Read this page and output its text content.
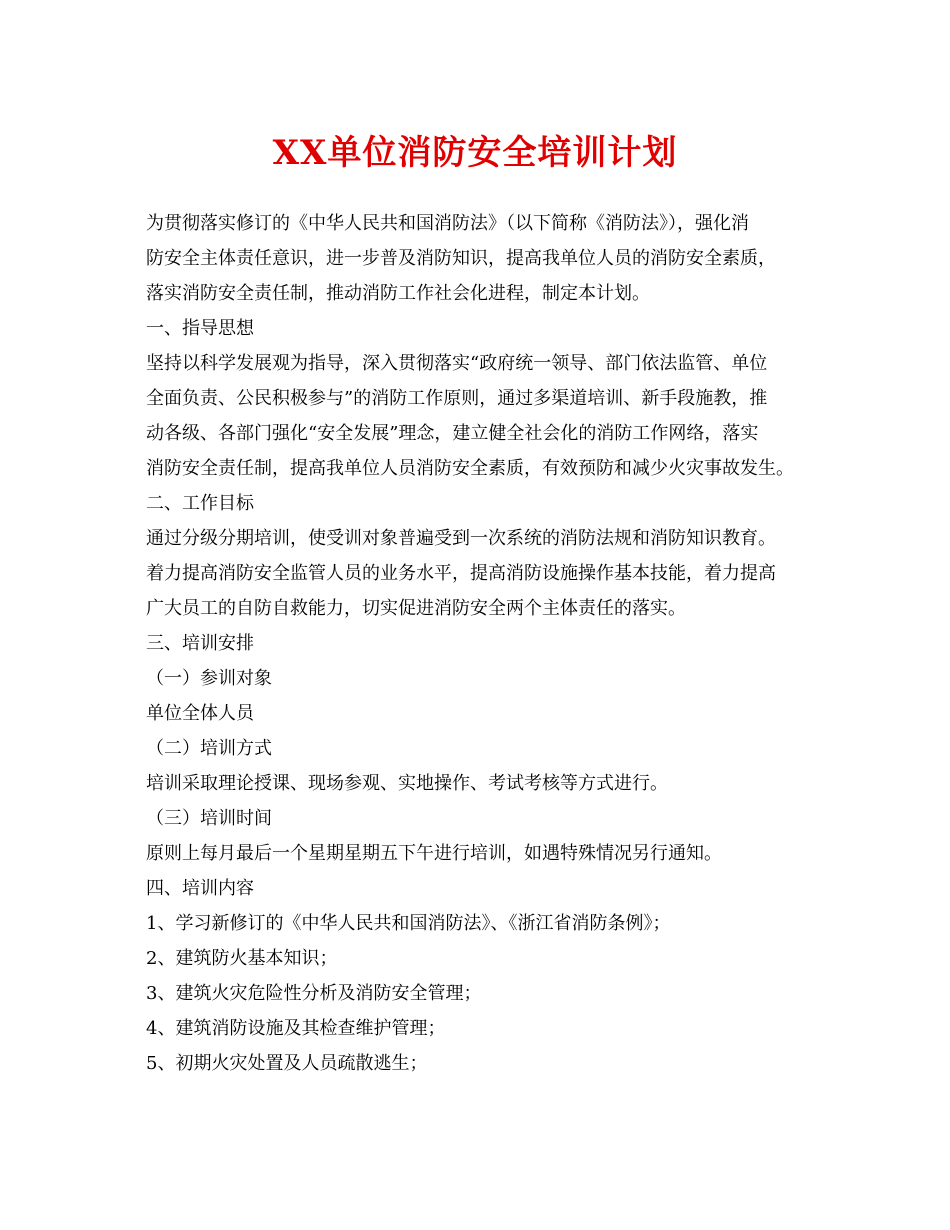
XX单位消防安全培训计划

为贯彻落实修订的《中华人民共和国消防法》（以下简称《消防法》），强化消

防安全主体责任意识，进一步普及消防知识，提高我单位人员的消防安全素质，

落实消防安全责任制，推动消防工作社会化进程，制定本计划。

一、指导思想

坚持以科学发展观为指导，深入贯彻落实“政府统一领导、部门依法监管、单位

全面负责、公民积极参与”的消防工作原则，通过多渠道培训、新手段施教，推

动各级、各部门强化“安全发展”理念，建立健全社会化的消防工作网络，落实

消防安全责任制，提高我单位人员消防安全素质，有效预防和减少火灾事故发生。

二、工作目标

通过分级分期培训，使受训对象普遍受到一次系统的消防法规和消防知识教育。

着力提高消防安全监管人员的业务水平，提高消防设施操作基本技能，着力提高

广大员工的自防自救能力，切实促进消防安全两个主体责任的落实。

三、培训安排

（一）参训对象

单位全体人员

（二）培训方式

培训采取理论授课、现场参观、实地操作、考试考核等方式进行。

（三）培训时间

原则上每月最后一个星期星期五下午进行培训，如遇特殊情况另行通知。

四、培训内容

1、学习新修订的《中华人民共和国消防法》、《浙江省消防条例》；

2、建筑防火基本知识；

3、建筑火灾危险性分析及消防安全管理；

4、建筑消防设施及其检查维护管理；

5、初期火灾处置及人员疏散逃生；
